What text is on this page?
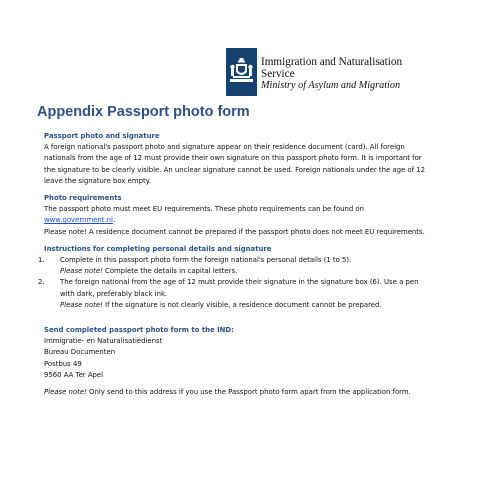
Immigration and Naturalisation
Service
Ministry of Asylum and Migration
Appendix Passport photo form
Passport photo and signature

A foreign national's passport photo and signature appear on their residence document (card). All foreign nationals from the age of 12 must provide their own signature on this passport photo form. It is important for the signature to be clearly visible. An unclear signature cannot be used. Foreign nationals under the age of 12 leave the signature box empty.

Photo requirements

The passport photo must meet EU requirements. These photo requirements can be found on www.government.nl.

Please note! A residence document cannot be prepared if the passport photo does not meet EU requirements.

Instructions for completing personal details and signature
1. Complete in this passport photo form the foreign national's personal details (1 to 5).
Please note! Complete the details in capital letters.
2. The foreign national from the age of 12 must provide their signature in the signature box (6). Use a pen with dark, preferably black ink.
Please note! If the signature is not clearly visible, a residence document cannot be prepared.
Send completed passport photo form to the IND:
Immigratie- en Naturalisatiedienst
Bureau Documenten
Postbus 49
9560 AA Ter Apel

Please note! Only send to this address if you use the Passport photo form apart from the application form.
